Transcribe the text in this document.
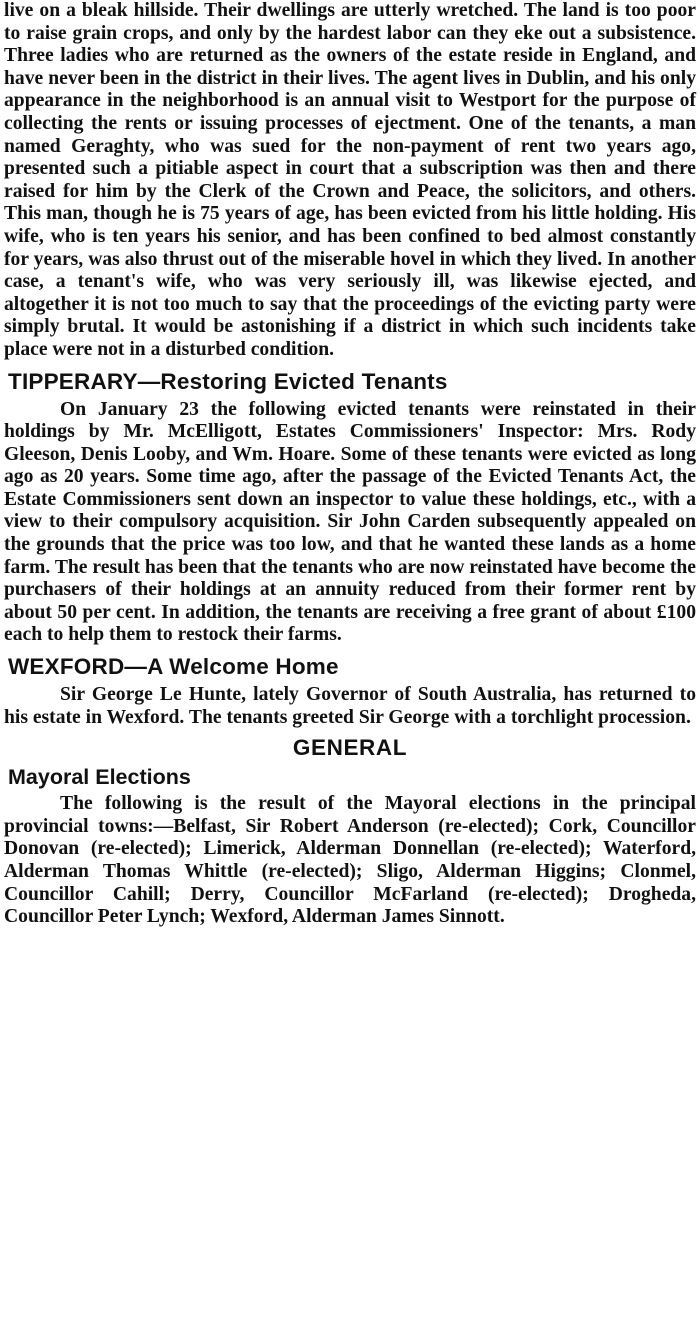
live on a bleak hillside. Their dwellings are utterly wretched. The land is too poor to raise grain crops, and only by the hardest labor can they eke out a subsistence. Three ladies who are returned as the owners of the estate reside in England, and have never been in the district in their lives. The agent lives in Dublin, and his only appearance in the neighborhood is an annual visit to Westport for the purpose of collecting the rents or issuing processes of ejectment. One of the tenants, a man named Geraghty, who was sued for the non-payment of rent two years ago, presented such a pitiable aspect in court that a subscription was then and there raised for him by the Clerk of the Crown and Peace, the solicitors, and others. This man, though he is 75 years of age, has been evicted from his little holding. His wife, who is ten years his senior, and has been confined to bed almost constantly for years, was also thrust out of the miserable hovel in which they lived. In another case, a tenant's wife, who was very seriously ill, was likewise ejected, and altogether it is not too much to say that the proceedings of the evicting party were simply brutal. It would be astonishing if a district in which such incidents take place were not in a disturbed condition.

TIPPERARY—Restoring Evicted Tenants

On January 23 the following evicted tenants were reinstated in their holdings by Mr. McElligott, Estates Commissioners' Inspector: Mrs. Rody Gleeson, Denis Looby, and Wm. Hoare. Some of these tenants were evicted as long ago as 20 years. Some time ago, after the passage of the Evicted Tenants Act, the Estate Commissioners sent down an inspector to value these holdings, etc., with a view to their compulsory acquisition. Sir John Carden subsequently appealed on the grounds that the price was too low, and that he wanted these lands as a home farm. The result has been that the tenants who are now reinstated have become the purchasers of their holdings at an annuity reduced from their former rent by about 50 per cent. In addition, the tenants are receiving a free grant of about £100 each to help them to restock their farms.

WEXFORD—A Welcome Home

Sir George Le Hunte, lately Governor of South Australia, has returned to his estate in Wexford. The tenants greeted Sir George with a torchlight procession.

GENERAL
Mayoral Elections

The following is the result of the Mayoral elections in the principal provincial towns:—Belfast, Sir Robert Anderson (re-elected); Cork, Councillor Donovan (re-elected); Limerick, Alderman Donnellan (re-elected); Waterford, Alderman Thomas Whittle (re-elected); Sligo, Alderman Higgins; Clonmel, Councillor Cahill; Derry, Councillor McFarland (re-elected); Drogheda, Councillor Peter Lynch; Wexford, Alderman James Sinnott.
